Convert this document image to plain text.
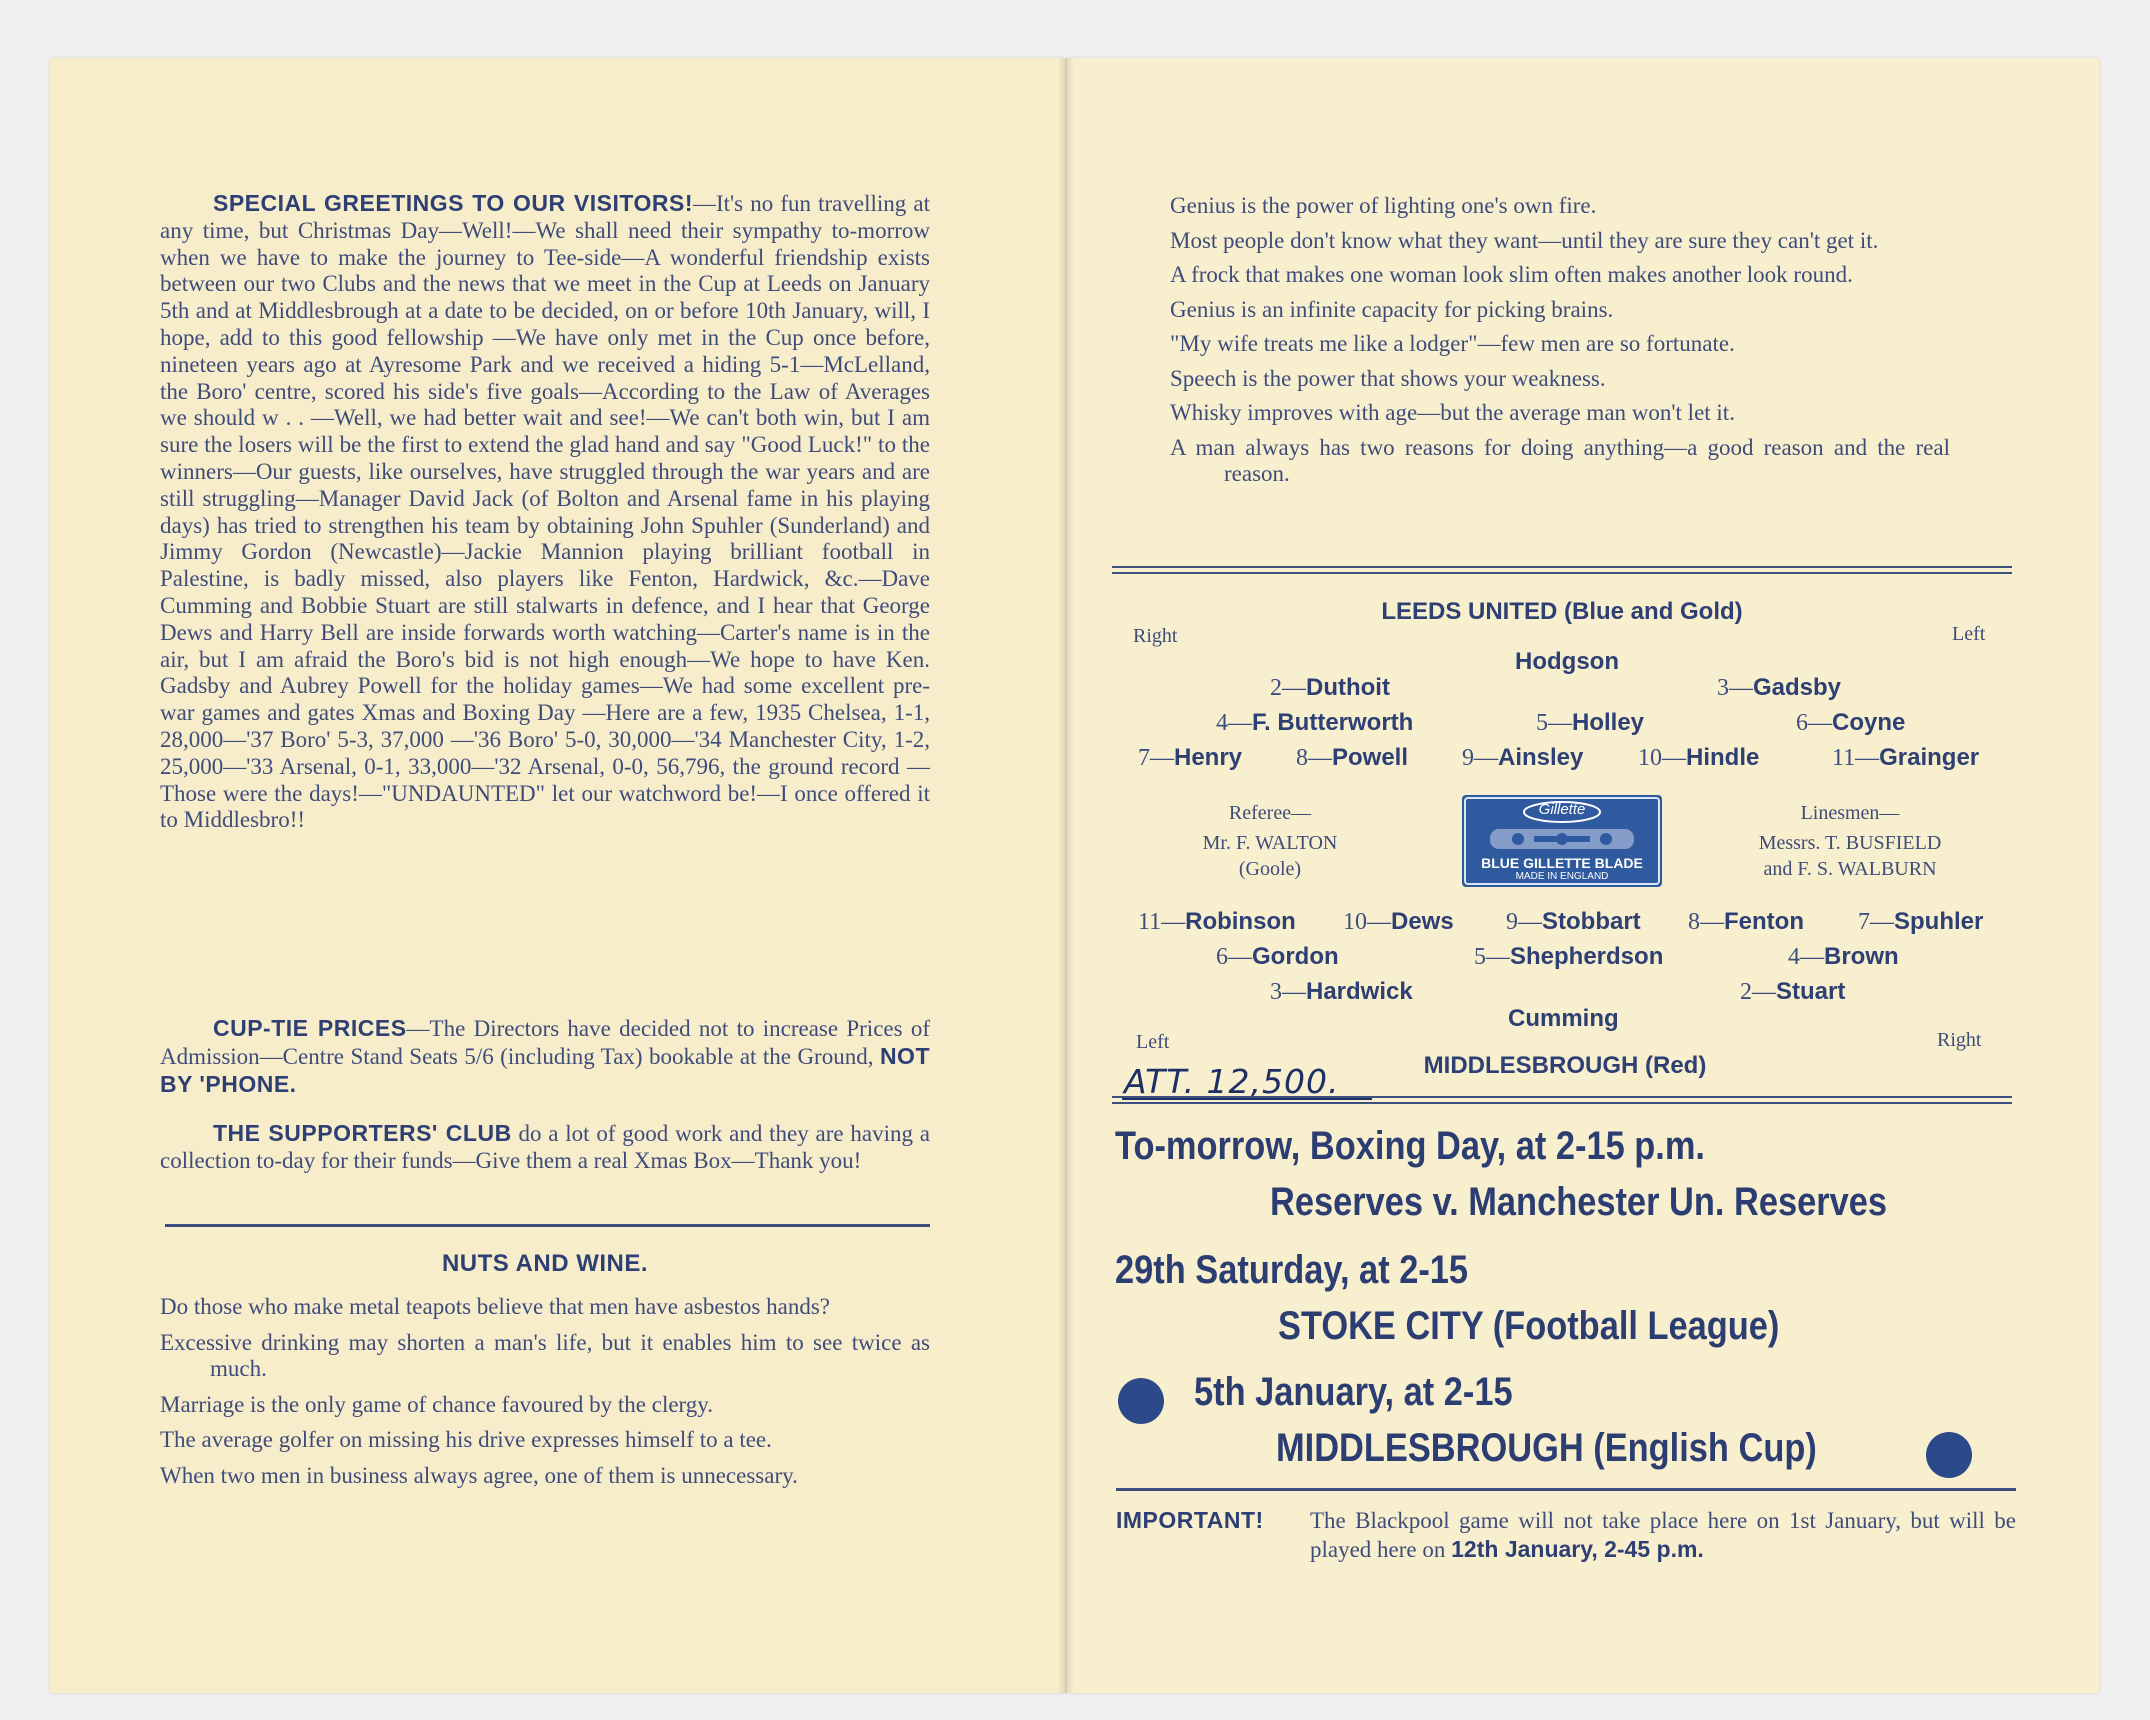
SPECIAL GREETINGS TO OUR VISITORS!—It's no fun travelling at any time, but Christmas Day—Well!—We shall need their sympathy to-morrow when we have to make the journey to Tee-side—A wonderful friendship exists between our two Clubs and the news that we meet in the Cup at Leeds on January 5th and at Middlesbrough at a date to be decided, on or before 10th January, will, I hope, add to this good fellowship —We have only met in the Cup once before, nineteen years ago at Ayresome Park and we received a hiding 5-1—McLelland, the Boro' centre, scored his side's five goals—According to the Law of Averages we should w . . —Well, we had better wait and see!—We can't both win, but I am sure the losers will be the first to extend the glad hand and say "Good Luck!" to the winners—Our guests, like ourselves, have struggled through the war years and are still struggling—Manager David Jack (of Bolton and Arsenal fame in his playing days) has tried to strengthen his team by obtaining John Spuhler (Sunderland) and Jimmy Gordon (Newcastle)—Jackie Mannion playing brilliant football in Palestine, is badly missed, also players like Fenton, Hardwick, &c.—Dave Cumming and Bobbie Stuart are still stalwarts in defence, and I hear that George Dews and Harry Bell are inside forwards worth watching—Carter's name is in the air, but I am afraid the Boro's bid is not high enough—We hope to have Ken. Gadsby and Aubrey Powell for the holiday games—We had some excellent pre-war games and gates Xmas and Boxing Day —Here are a few, 1935 Chelsea, 1-1, 28,000—'37 Boro' 5-3, 37,000 —'36 Boro' 5-0, 30,000—'34 Manchester City, 1-2, 25,000—'33 Arsenal, 0-1, 33,000—'32 Arsenal, 0-0, 56,796, the ground record —Those were the days!—"UNDAUNTED" let our watchword be!—I once offered it to Middlesbro!!
CUP-TIE PRICES—The Directors have decided not to increase Prices of Admission—Centre Stand Seats 5/6 (including Tax) bookable at the Ground, NOT BY 'PHONE.
THE SUPPORTERS' CLUB do a lot of good work and they are having a collection to-day for their funds—Give them a real Xmas Box—Thank you!
NUTS AND WINE.
Do those who make metal teapots believe that men have asbestos hands?
Excessive drinking may shorten a man's life, but it enables him to see twice as much.
Marriage is the only game of chance favoured by the clergy.
The average golfer on missing his drive expresses himself to a tee.
When two men in business always agree, one of them is unnecessary.
Genius is the power of lighting one's own fire.
Most people don't know what they want—until they are sure they can't get it.
A frock that makes one woman look slim often makes another look round.
Genius is an infinite capacity for picking brains.
"My wife treats me like a lodger"—few men are so fortunate.
Speech is the power that shows your weakness.
Whisky improves with age—but the average man won't let it.
A man always has two reasons for doing anything—a good reason and the real reason.
LEEDS UNITED (Blue and Gold)
Right	Left
Hodgson
2—Duthoit	3—Gadsby
4—F. Butterworth	5—Holley	6—Coyne
7—Henry 8—Powell 9—Ainsley 10—Hindle	11—Grainger
Referee—
Mr. F. WALTON
(Goole)
Gillette
BLUE GILLETTE BLADE
MADE IN ENGLAND
Linesmen—
Messrs. T. BUSFIELD
and F. S. WALBURN
11—Robinson 10—Dews 9—Stobbart 8—Fenton 7—Spuhler
6—Gordon	5—Shepherdson	4—Brown
3—Hardwick	2—Stuart
Cumming
Left	Right
ATT. 12,500.	MIDDLESBROUGH (Red)
To-morrow, Boxing Day, at 2-15 p.m.
Reserves v. Manchester Un. Reserves
29th Saturday, at 2-15
STOKE CITY (Football League)
5th January, at 2-15
MIDDLESBROUGH (English Cup)
IMPORTANT! The Blackpool game will not take place here on 1st January, but will be played here on 12th January, 2-45 p.m.
